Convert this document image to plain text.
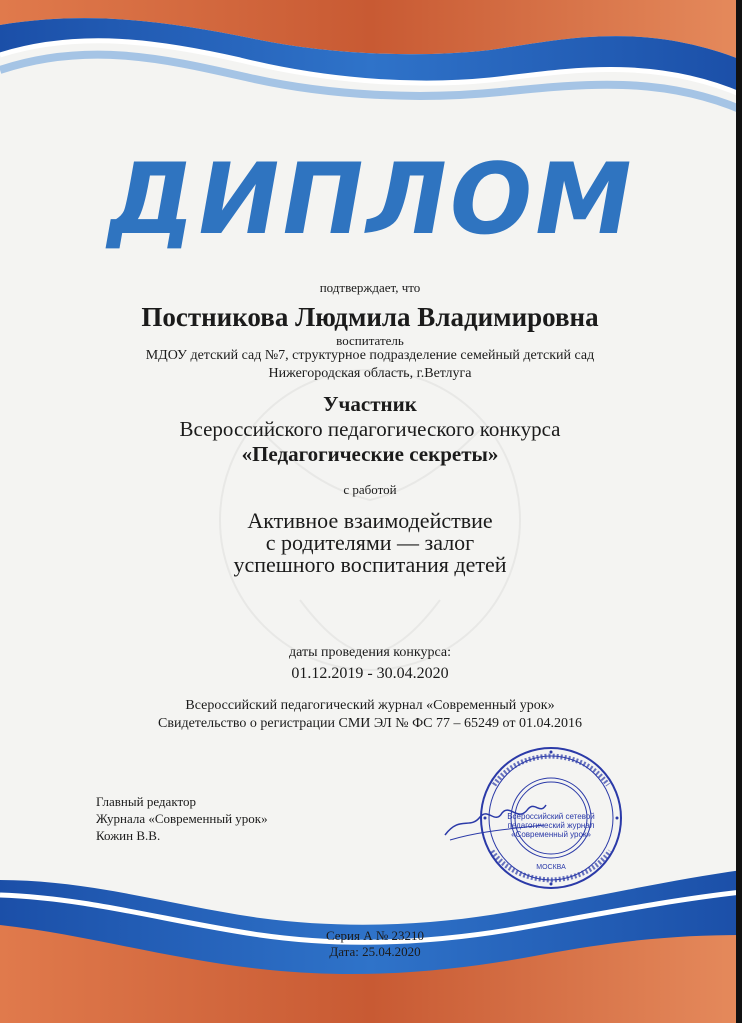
ДИПЛОМ
подтверждает, что
Постникова Людмила Владимировна
воспитатель
МДОУ детский сад №7, структурное подразделение семейный детский сад
Нижегородская область, г.Ветлуга
Участник
Всероссийского педагогического конкурса
«Педагогические секреты»
с работой
Активное взаимодействие
с родителями — залог
успешного воспитания детей
даты проведения конкурса:
01.12.2019 - 30.04.2020
Всероссийский педагогический журнал «Современный урок»
Свидетельство о регистрации СМИ ЭЛ № ФС 77 – 65249 от 01.04.2016
Главный редактор
Журнала «Современный урок»
Кожин В.В.
Всероссийский сетевой
педагогический журнал
«Современный урок»
МОСКВА
Серия А № 23210
Дата: 25.04.2020
